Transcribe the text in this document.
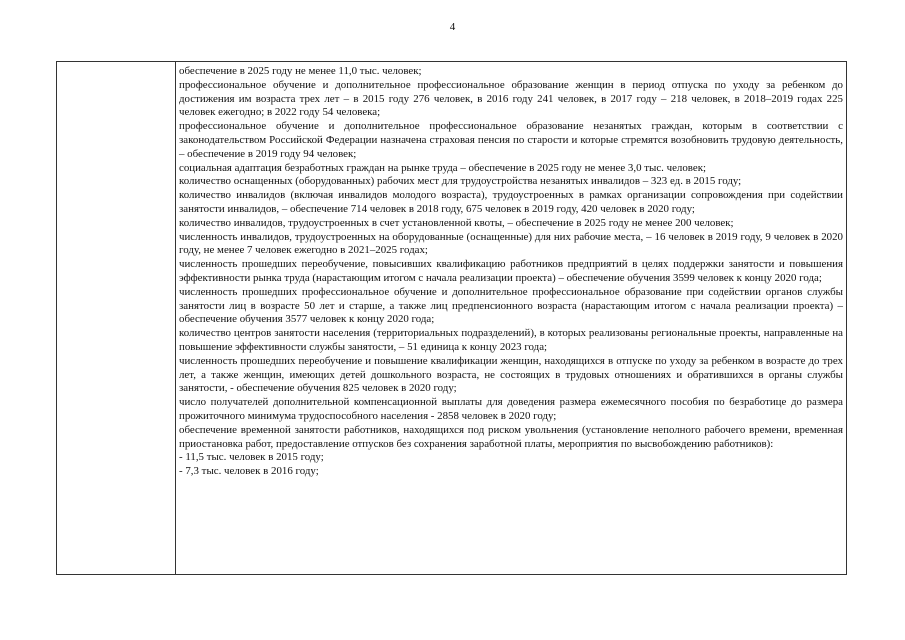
4

обеспечение в 2025 году не менее 11,0 тыс. человек;

профессиональное обучение и дополнительное профессиональное образование женщин в период отпуска по уходу за ребенком до достижения им возраста трех лет – в 2015 году 276 человек, в 2016 году 241 человек, в 2017 году – 218 человек, в 2018–2019 годах 225 человек ежегодно; в 2022 году 54 человека;

профессиональное обучение и дополнительное профессиональное образование незанятых граждан, которым в соответствии с законодательством Российской Федерации назначена страховая пенсия по старости и которые стремятся возобновить трудовую деятельность, – обеспечение в 2019 году 94 человек;

социальная адаптация безработных граждан на рынке труда – обеспечение в 2025 году не менее 3,0 тыс. человек;

количество оснащенных (оборудованных) рабочих мест для трудоустройства незанятых инвалидов – 323 ед. в 2015 году;

количество инвалидов (включая инвалидов молодого возраста), трудоустроенных в рамках организации сопровождения при содействии занятости инвалидов, – обеспечение 714 человек в 2018 году, 675 человек в 2019 году, 420 человек в 2020 году;

количество инвалидов, трудоустроенных в счет установленной квоты, – обеспечение в 2025 году не менее 200 человек;

численность инвалидов, трудоустроенных на оборудованные (оснащенные) для них рабочие места, – 16 человек в 2019 году, 9 человек в 2020 году, не менее 7 человек ежегодно в 2021–2025 годах;

численность прошедших переобучение, повысивших квалификацию работников предприятий в целях поддержки занятости и повышения эффективности рынка труда (нарастающим итогом с начала реализации проекта) – обеспечение обучения 3599 человек к концу 2020 года;

численность прошедших профессиональное обучение и дополнительное профессиональное образование при содействии органов службы занятости лиц в возрасте 50 лет и старше, а также лиц предпенсионного возраста (нарастающим итогом с начала реализации проекта) – обеспечение обучения 3577 человек к концу 2020 года;

количество центров занятости населения (территориальных подразделений), в которых реализованы региональные проекты, направленные на повышение эффективности службы занятости, – 51 единица к концу 2023 года;

численность прошедших переобучение и повышение квалификации женщин, находящихся в отпуске по уходу за ребенком в возрасте до трех лет, а также женщин, имеющих детей дошкольного возраста, не состоящих в трудовых отношениях и обратившихся в органы службы занятости, - обеспечение обучения 825 человек в 2020 году;

число получателей дополнительной компенсационной выплаты для доведения размера ежемесячного пособия по безработице до размера прожиточного минимума трудоспособного населения - 2858 человек в 2020 году;

обеспечение временной занятости работников, находящихся под риском увольнения (установление неполного рабочего времени, временная приостановка работ, предоставление отпусков без сохранения заработной платы, мероприятия по высвобождению работников):

- 11,5 тыс. человек в 2015 году;

- 7,3 тыс. человек в 2016 году;
